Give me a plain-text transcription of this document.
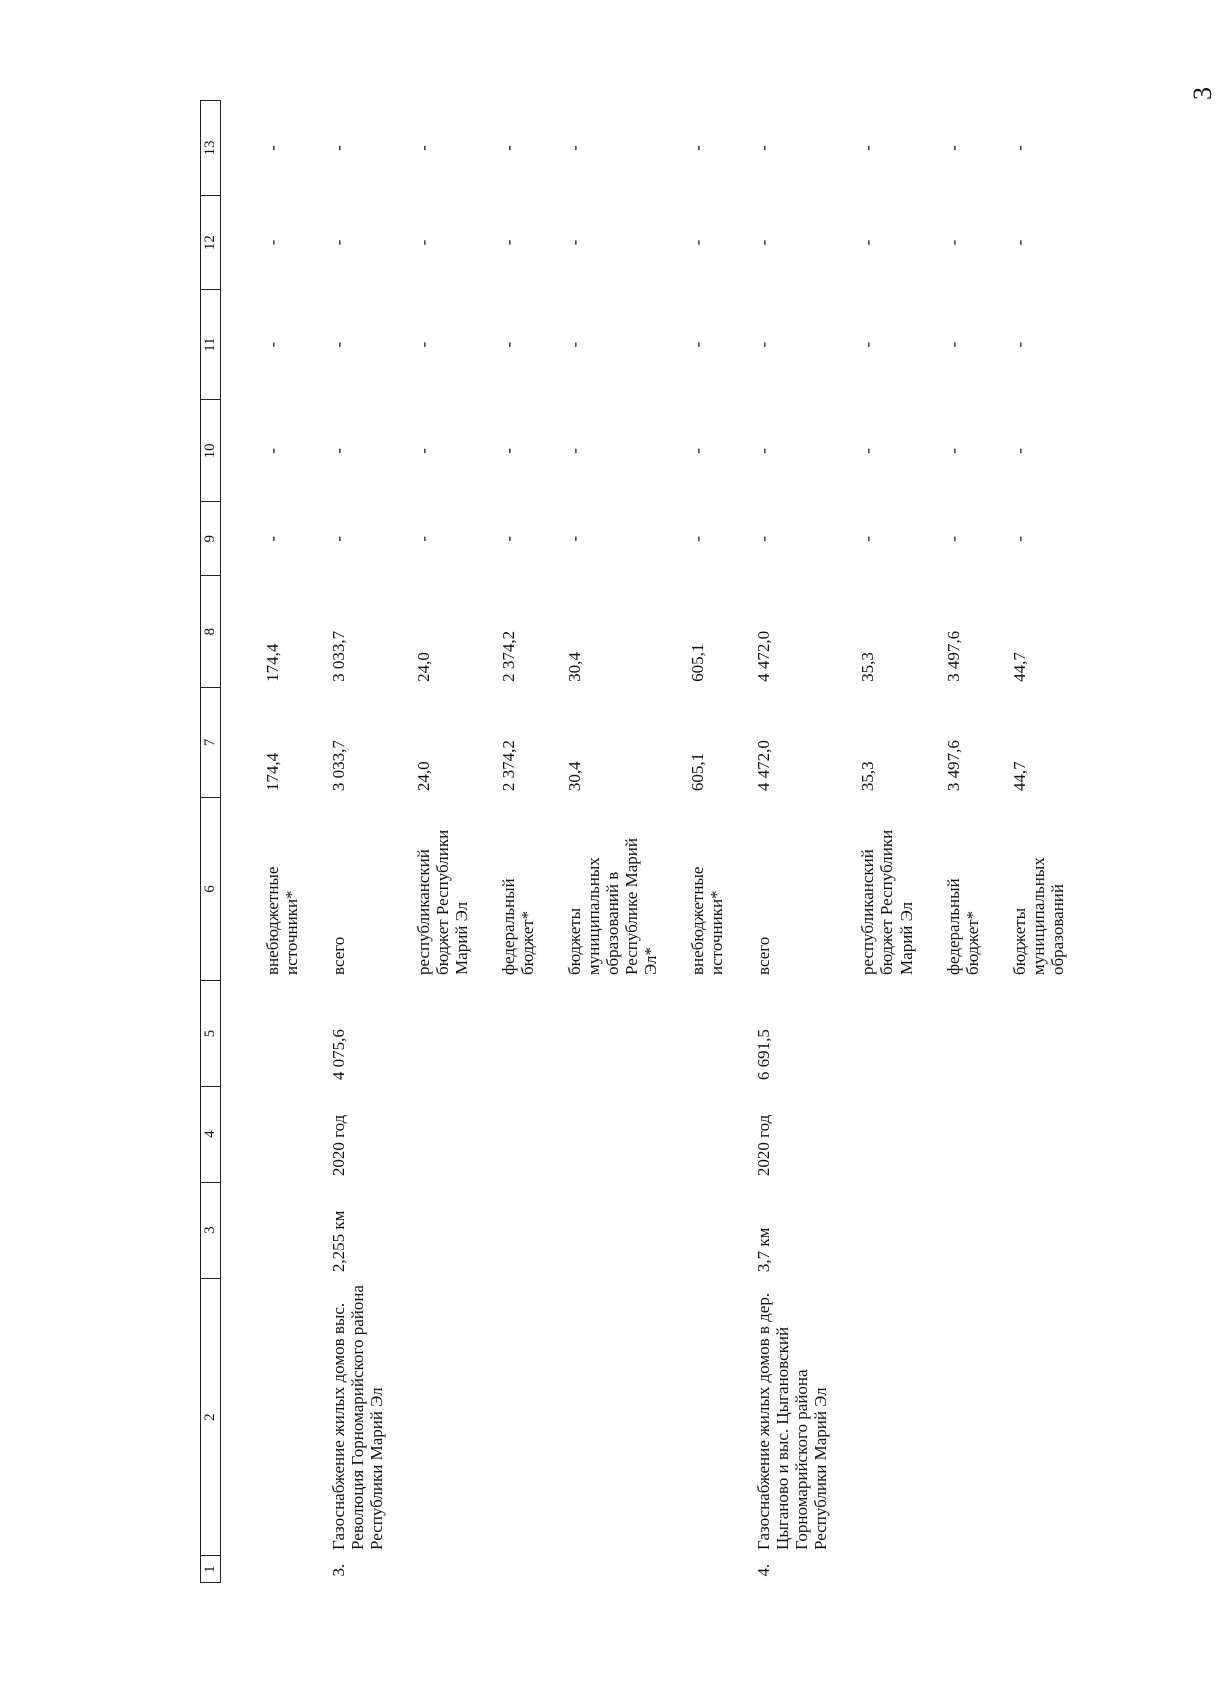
3
1	2	3	4	5	6	7	8	9	10	11	12	13
					внебюджетные источники*	174,4	174,4	-	-	-	-	-
3.	Газоснабжение жилых домов выс. Революция Горномарийского района Республики Марий Эл	2,255 км	2020 год	4 075,6	всего	3 033,7	3 033,7	-	-	-	-	-
					республиканский бюджет Республики Марий Эл	24,0	24,0	-	-	-	-	-
					федеральный бюджет*	2 374,2	2 374,2	-	-	-	-	-
					бюджеты муниципальных образований в Республике Марий Эл*	30,4	30,4	-	-	-	-	-
					внебюджетные источники*	605,1	605,1	-	-	-	-	-
4.	Газоснабжение жилых домов в дер. Цыганово и выс. Цыгановский Горномарийского района Республики Марий Эл	3,7 км	2020 год	6 691,5	всего	4 472,0	4 472,0	-	-	-	-	-
					республиканский бюджет Республики Марий Эл	35,3	35,3	-	-	-	-	-
					федеральный бюджет*	3 497,6	3 497,6	-	-	-	-	-
					бюджеты муниципальных образований	44,7	44,7	-	-	-	-	-
